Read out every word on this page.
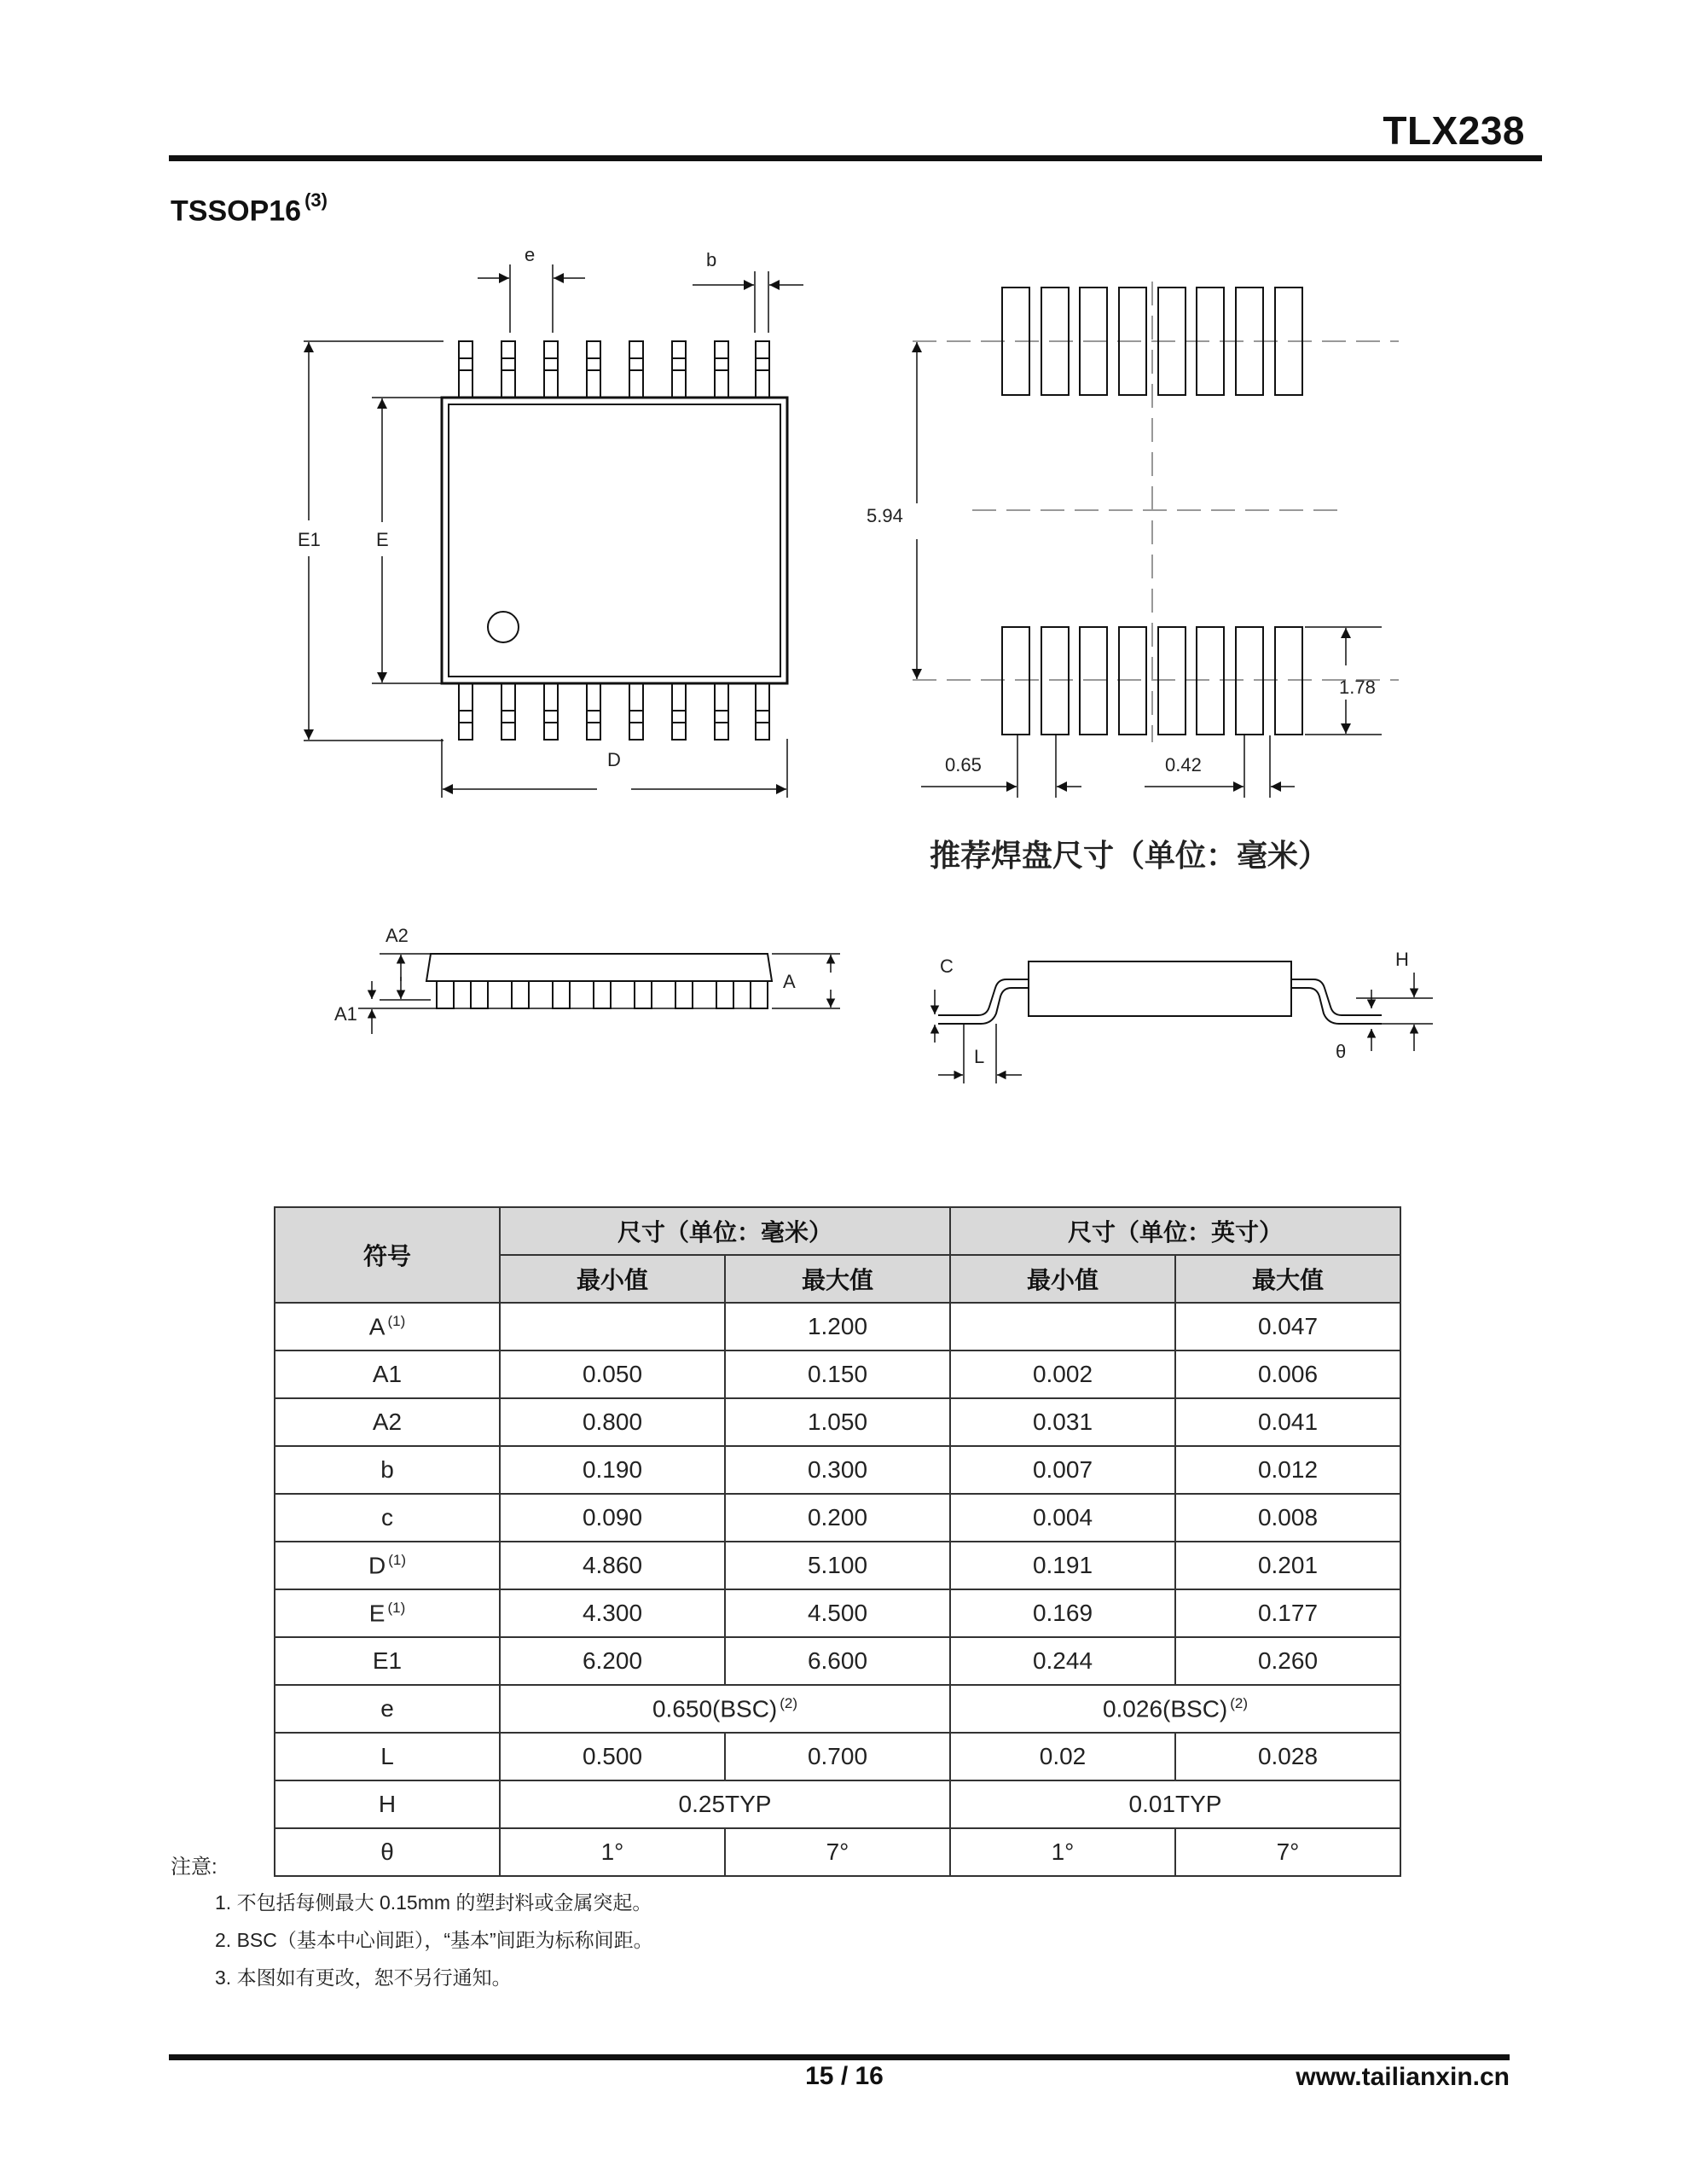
TLX238
TSSOP16 $^{(3)}$
e	b
E1	E
D
5.94
1.78
0.65	0.42
推荐焊盘尺寸（单位：毫米）
A2
A1
A
C
L
H
θ
符号	尺寸（单位：毫米）		尺寸（单位：英寸）	
	最小值	最大值	最小值	最大值
A $^{(1)}$		1.200		0.047
A1	0.050	0.150	0.002	0.006
A2	0.800	1.050	0.031	0.041
b	0.190	0.300	0.007	0.012
c	0.090	0.200	0.004	0.008
D $^{(1)}$	4.860	5.100	0.191	0.201
E $^{(1)}$	4.300	4.500	0.169	0.177
E1	6.200	6.600	0.244	0.260
e	0.650(BSC) $^{(2)}$		0.026(BSC) $^{(2)}$
L	0.500	0.700	0.02	0.028
H	0.25TYP		0.01TYP	
θ	1°	7°	1°	7°
注意:
1. 不包括每侧最大 0.15mm 的塑封料或金属突起。
2. BSC（基本中心间距），“基本”间距为标称间距。
3. 本图如有更改，恕不另行通知。
15 / 16	www.tailianxin.cn
